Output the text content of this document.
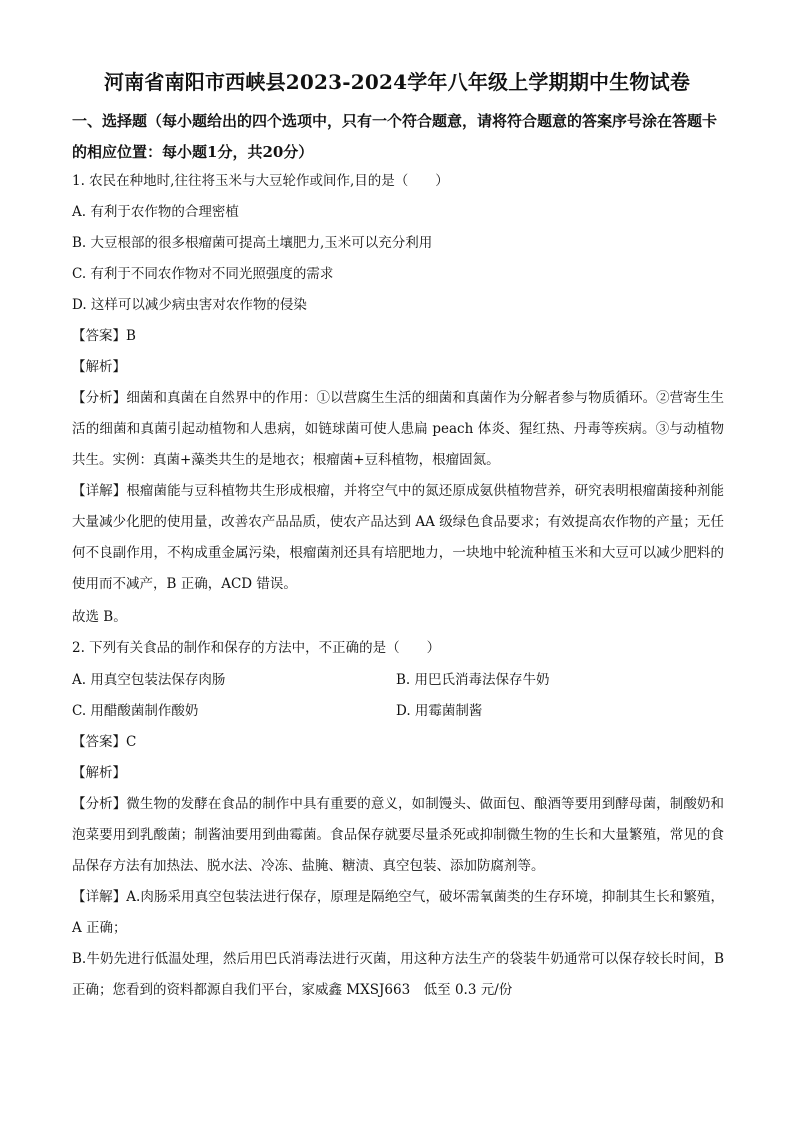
河南省南阳市西峡县2023-2024学年八年级上学期期中生物试卷
一、选择题（每小题给出的四个选项中，只有一个符合题意，请将符合题意的答案序号涂在答题卡的相应位置：每小题1分，共20分）
1. 农民在种地时,往往将玉米与大豆轮作或间作,目的是（　　）
A. 有利于农作物的合理密植
B. 大豆根部的很多根瘤菌可提高土壤肥力,玉米可以充分利用
C. 有利于不同农作物对不同光照强度的需求
D. 这样可以减少病虫害对农作物的侵染
【答案】B
【解析】
【分析】细菌和真菌在自然界中的作用：①以营腐生生活的细菌和真菌作为分解者参与物质循环。②营寄生生活的细菌和真菌引起动植物和人患病，如链球菌可使人患扁 peach 体炎、猩红热、丹毒等疾病。③与动植物共生。实例：真菌+藻类共生的是地衣；根瘤菌+豆科植物，根瘤固氮。
【详解】根瘤菌能与豆科植物共生形成根瘤，并将空气中的氮还原成氨供植物营养，研究表明根瘤菌接种剂能大量减少化肥的使用量，改善农产品品质，使农产品达到 AA 级绿色食品要求；有效提高农作物的产量；无任何不良副作用，不构成重金属污染，根瘤菌剂还具有培肥地力，一块地中轮流种植玉米和大豆可以减少肥料的使用而不减产，B 正确，ACD 错误。
故选 B。
2. 下列有关食品的制作和保存的方法中，不正确的是（　　）
A. 用真空包装法保存肉肠	B. 用巴氏消毒法保存牛奶
C. 用醋酸菌制作酸奶	D. 用霉菌制酱
【答案】C
【解析】
【分析】微生物的发酵在食品的制作中具有重要的意义，如制馒头、做面包、酿酒等要用到酵母菌，制酸奶和泡菜要用到乳酸菌；制酱油要用到曲霉菌。食品保存就要尽量杀死或抑制微生物的生长和大量繁殖，常见的食品保存方法有加热法、脱水法、冷冻、盐腌、糖渍、真空包装、添加防腐剂等。
【详解】A.肉肠采用真空包装法进行保存，原理是隔绝空气，破坏需氧菌类的生存环境，抑制其生长和繁殖，A 正确；
B.牛奶先进行低温处理，然后用巴氏消毒法进行灭菌，用这种方法生产的袋装牛奶通常可以保存较长时间，B 正确；您看到的资料都源自我们平台，家威鑫 MXSJ663　低至 0.3 元/份
